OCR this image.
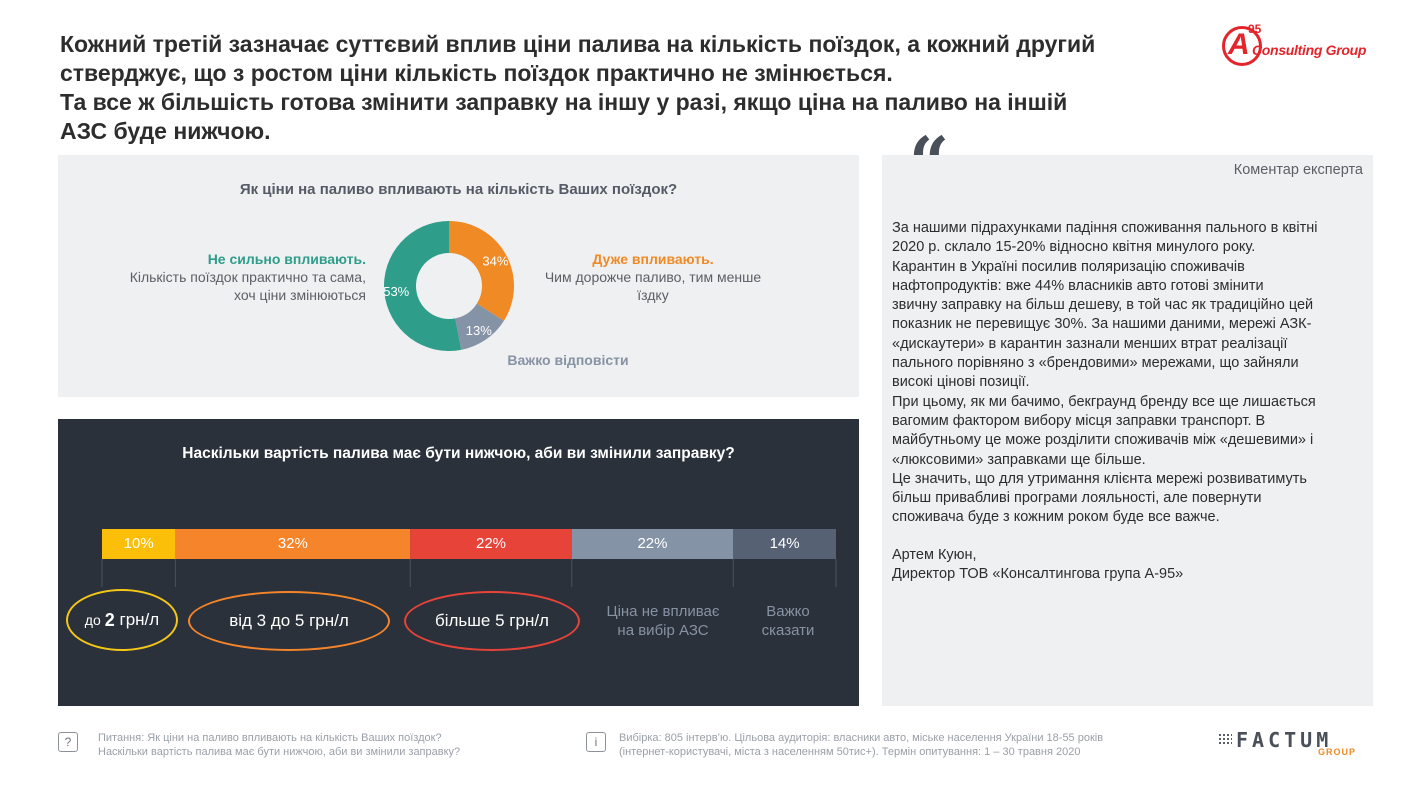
Кожний третій зазначає суттєвий вплив ціни палива на кількість поїздок, а кожний другий
стверджує, що з ростом ціни кількість поїздок практично не змінюється.
Та все ж більшість готова змінити заправку на іншу у разі, якщо ціна на паливо на іншій
АЗС буде нижчою.
A
95
Consulting Group
Як ціни на паливо впливають на кількість Ваших поїздок?
34%
13%
53%
Не сильно впливають.
Кількість поїздок практично та сама,
хоч ціни змінюються
Дуже впливають.
Чим дорожче паливо, тим менше
їздку
Важко відповісти
Наскільки вартість палива має бути нижчою, аби ви змінили заправку?
10%	32%	22%	22%	14%
до 2
грн/л	від 3 до 5 грн/л	більше 5 грн/л	Ціна не впливає
на вибір АЗС
Важко
сказати
Коментар експерта
За нашими підрахунками падіння споживання пального в квітні
2020 р. склало 15-20% відносно квітня минулого року.
Карантин в Україні посилив поляризацію споживачів
нафтопродуктів: вже 44% власників авто готові змінити
звичну заправку на більш дешеву, в той час як традиційно цей
показник не перевищує 30%. За нашими даними, мережі АЗК-
«дискаутери» в карантин зазнали менших втрат реалізації
пального порівняно з «брендовими» мережами, що зайняли
високі цінові позиції.
При цьому, як ми бачимо, бекграунд бренду все ще лишається
вагомим фактором вибору місця заправки транспорт. В
майбутньому це може розділити споживачів між «дешевими» і
«люксовими» заправками ще більше.
Це значить, що для утримання клієнта мережі розвиватимуть
більш привабливі програми лояльності, але повернути
споживача буде з кожним роком буде все важче.
Артем Куюн,
Директор ТОВ «Консалтингова група А-95»
“
?	Питання: Як ціни на паливо впливають на кількість Ваших поїздок?
Наскільки вартість палива має бути нижчою, аби ви змінили заправку?
i	Вибірка: 805 інтерв’ю. Цільова аудиторія: власники авто, міське населення України 18-55 років
(інтернет-користувачі, міста з населенням 50тис+). Термін опитування: 1 – 30 травня 2020	FACTUM
GROUP
